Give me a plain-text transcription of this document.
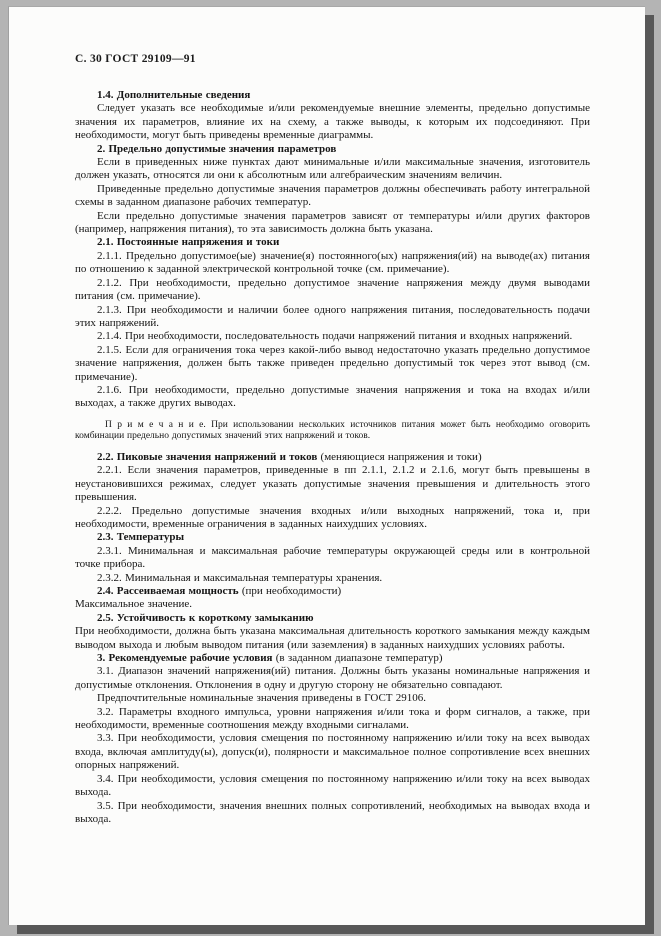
С. 30 ГОСТ 29109—91

1.4. Дополнительные сведения

Следует указать все необходимые и/или рекомендуемые внешние элементы, предельно допустимые значения их параметров, влияние их на схему, а также выводы, к которым их подсоединяют. При необходимости, могут быть приведены временные диаграммы.

2. Предельно допустимые значения параметров

Если в приведенных ниже пунктах дают минимальные и/или максимальные значения, изготовитель должен указать, относятся ли они к абсолютным или алгебраическим значениям величин.

Приведенные предельно допустимые значения параметров должны обеспечивать работу интегральной схемы в заданном диапазоне рабочих температур.

Если предельно допустимые значения параметров зависят от температуры и/или других факторов (например, напряжения питания), то эта зависимость должна быть указана.

2.1. Постоянные напряжения и токи

2.1.1. Предельно допустимое(ые) значение(я) постоянного(ых) напряжения(ий) на выводе(ах) питания по отношению к заданной электрической контрольной точке (см. примечание).

2.1.2. При необходимости, предельно допустимое значение напряжения между двумя выводами питания (см. примечание).

2.1.3. При необходимости и наличии более одного напряжения питания, последовательность подачи этих напряжений.

2.1.4. При необходимости, последовательность подачи напряжений питания и входных напряжений.

2.1.5. Если для ограничения тока через какой-либо вывод недостаточно указать предельно допустимое значение напряжения, должен быть также приведен предельно допустимый ток через этот вывод (см. примечание).

2.1.6. При необходимости, предельно допустимые значения напряжения и тока на входах и/или выходах, а также других выводах.

П р и м е ч а н и е. При использовании нескольких источников питания может быть необходимо оговорить комбинации предельно допустимых значений этих напряжений и токов.

2.2. Пиковые значения напряжений и токов (меняющиеся напряжения и токи)

2.2.1. Если значения параметров, приведенные в пп 2.1.1, 2.1.2 и 2.1.6, могут быть превышены в неустановившихся режимах, следует указать допустимые значения превышения и длительность этого превышения.

2.2.2. Предельно допустимые значения входных и/или выходных напряжений, тока и, при необходимости, временные ограничения в заданных наихудших условиях.

2.3. Температуры

2.3.1. Минимальная и максимальная рабочие температуры окружающей среды или в контрольной точке прибора.

2.3.2. Минимальная и максимальная температуры хранения.

2.4. Рассеиваемая мощность (при необходимости)

Максимальное значение.

2.5. Устойчивость к короткому замыканию

При необходимости, должна быть указана максимальная длительность короткого замыкания между каждым выводом выхода и любым выводом питания (или заземления) в заданных наихудших условиях работы.

3. Рекомендуемые рабочие условия (в заданном диапазоне температур)

3.1. Диапазон значений напряжения(ий) питания. Должны быть указаны номинальные напряжения и допустимые отклонения. Отклонения в одну и другую сторону не обязательно совпадают.

Предпочтительные номинальные значения приведены в ГОСТ 29106.

3.2. Параметры входного импульса, уровни напряжения и/или тока и форм сигналов, а также, при необходимости, временные соотношения между входными сигналами.

3.3. При необходимости, условия смещения по постоянному напряжению и/или току на всех выводах входа, включая амплитуду(ы), допуск(и), полярности и максимальное полное сопротивление всех внешних опорных напряжений.

3.4. При необходимости, условия смещения по постоянному напряжению и/или току на всех выводах выхода.

3.5. При необходимости, значения внешних полных сопротивлений, необходимых на выводах входа и выхода.
